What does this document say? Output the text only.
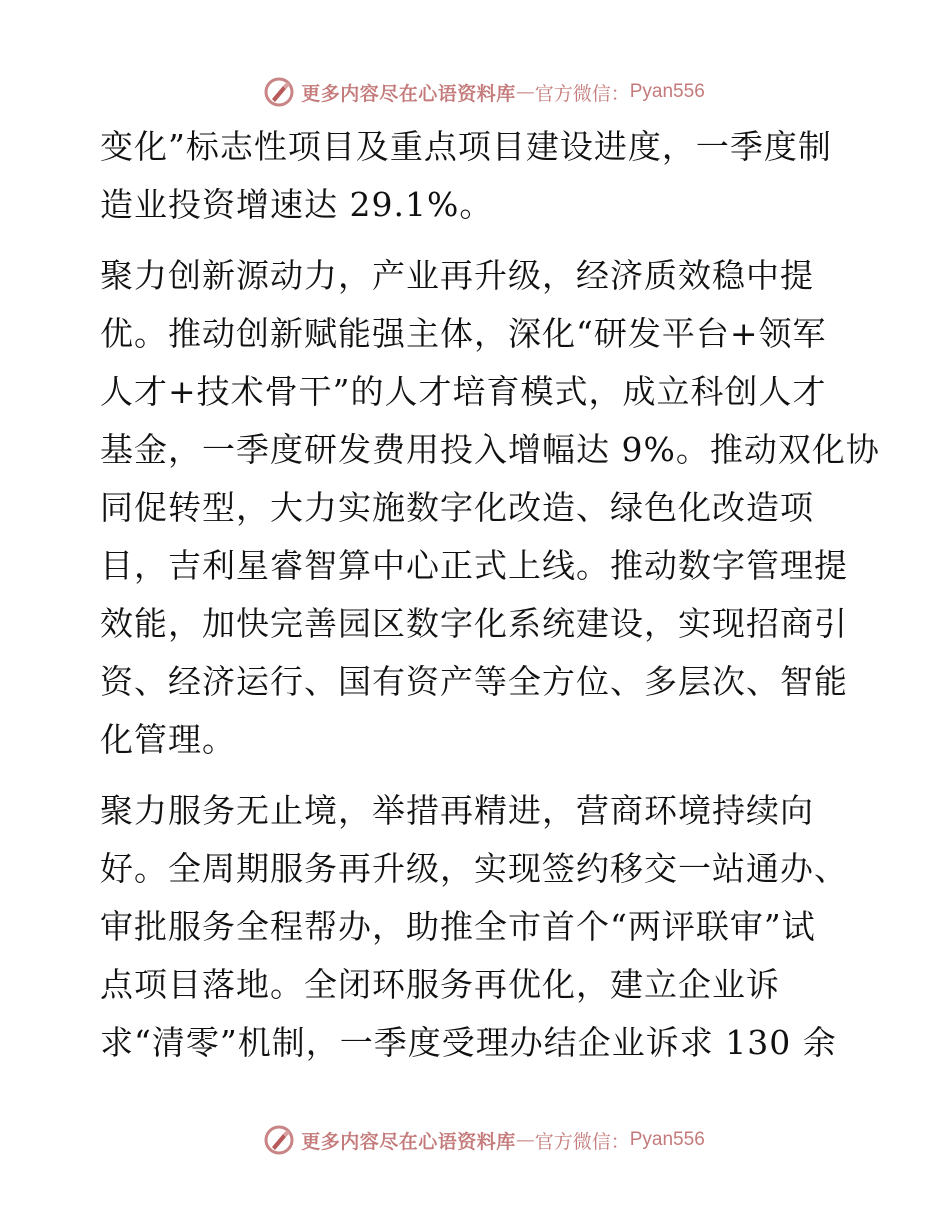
更多内容尽在心语资料库 — 官方微信： Pyan556
变化”标志性项目及重点项目建设进度，一季度制
造业投资增速达 29.1%。
聚力创新源动力，产业再升级，经济质效稳中提
优。推动创新赋能强主体，深化“研发平台+领军
人才+技术骨干”的人才培育模式，成立科创人才
基金，一季度研发费用投入增幅达 9%。推动双化协
同促转型，大力实施数字化改造、绿色化改造项
目，吉利星睿智算中心正式上线。推动数字管理提
效能，加快完善园区数字化系统建设，实现招商引
资、经济运行、国有资产等全方位、多层次、智能
化管理。
聚力服务无止境，举措再精进，营商环境持续向
好。全周期服务再升级，实现签约移交一站通办、
审批服务全程帮办，助推全市首个“两评联审”试
点项目落地。全闭环服务再优化，建立企业诉
求“清零”机制，一季度受理办结企业诉求 130 余
更多内容尽在心语资料库 — 官方微信： Pyan556
